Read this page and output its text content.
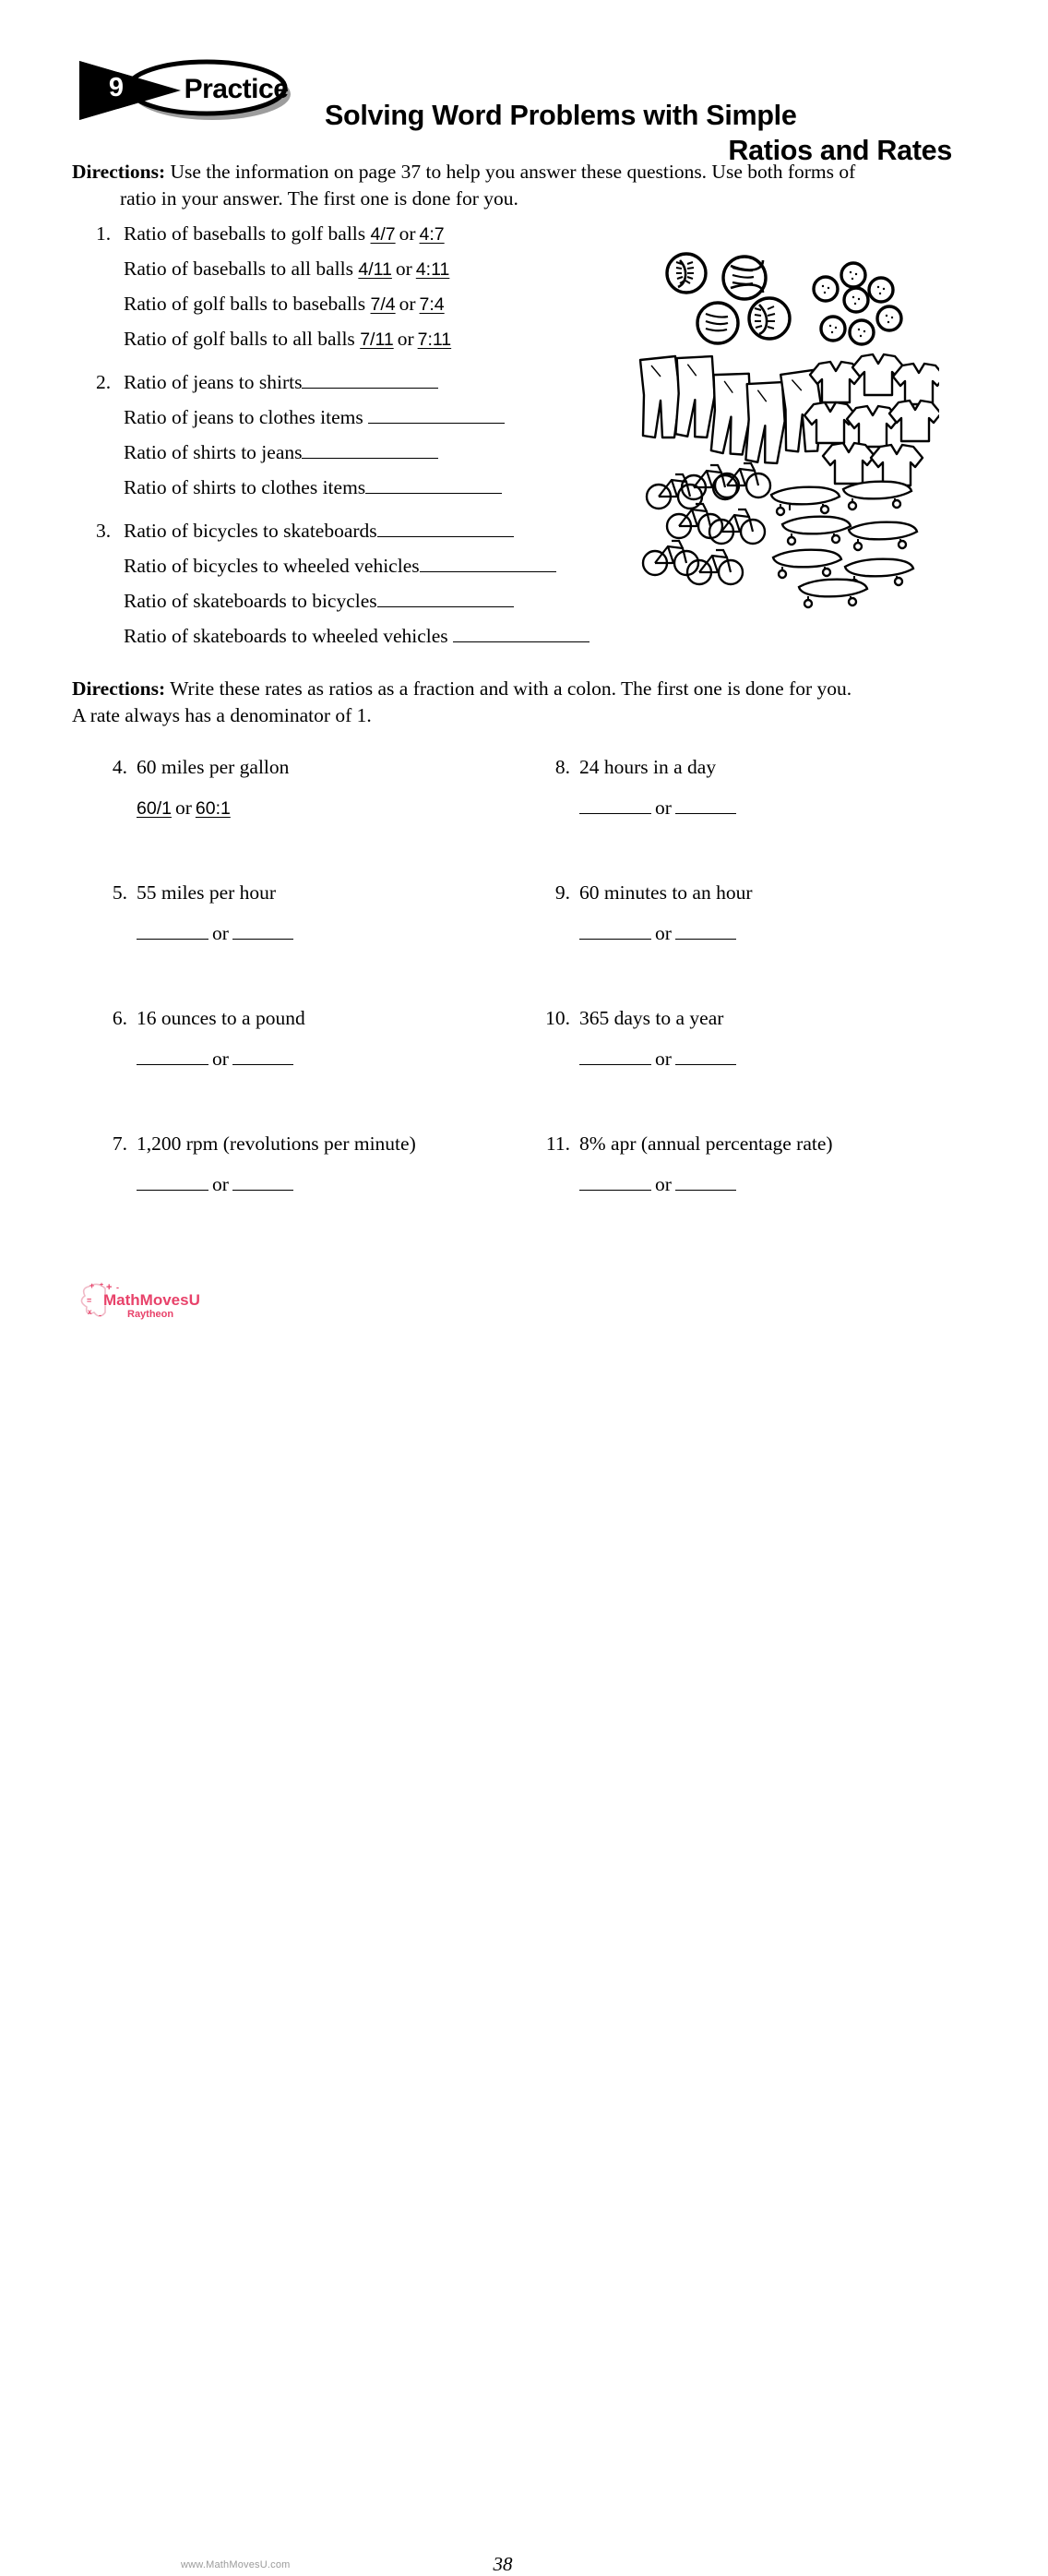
9	Practice
Solving Word Problems with Simple
Ratios and Rates
Directions: Use the information on page 37 to help you answer these questions. Use both forms of
ratio in your answer. The first one is done for you.
1. Ratio of baseballs to golf balls 4/7 or 4:7
Ratio of baseballs to all balls 4/11 or 4:11
Ratio of golf balls to baseballs 7/4 or 7:4
Ratio of golf balls to all balls 7/11 or 7:11
2. Ratio of jeans to shirts
Ratio of jeans to clothes items
Ratio of shirts to jeans
Ratio of shirts to clothes items
3. Ratio of bicycles to skateboards
Ratio of bicycles to wheeled vehicles
Ratio of skateboards to bicycles
Ratio of skateboards to wheeled vehicles
Directions: Write these rates as ratios as a fraction and with a colon. The first one is done for you.
A rate always has a denominator of 1.
4. 60 miles per gallon
60/1 or 60:1
5. 55 miles per hour
or
6. 16 ounces to a pound
or
7. 1,200 rpm (revolutions per minute)
or
8. 24 hours in a day
or
9. 60 minutes to an hour
or
10. 365 days to a year
or
11. 8% apr (annual percentage rate)
or
+ + + -
=
x -
MathMovesU
Raytheon
www.MathMovesU.com	38
